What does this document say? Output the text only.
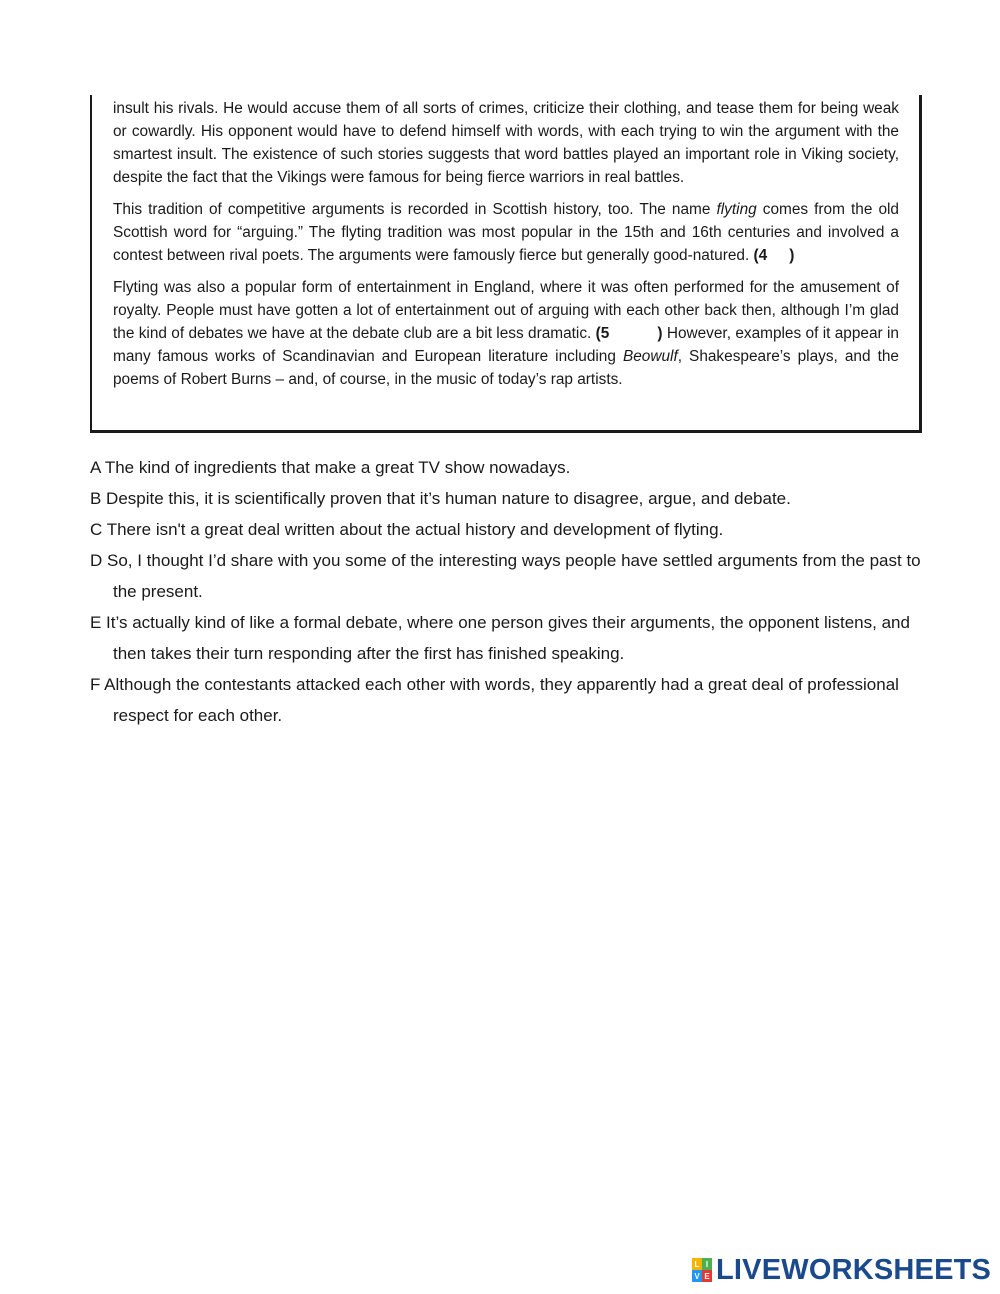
insult his rivals. He would accuse them of all sorts of crimes, criticize their clothing, and tease them for being weak or cowardly. His opponent would have to defend himself with words, with each trying to win the argument with the smartest insult. The existence of such stories suggests that word battles played an important role in Viking society, despite the fact that the Vikings were famous for being fierce warriors in real battles.

This tradition of competitive arguments is recorded in Scottish history, too. The name flyting comes from the old Scottish word for “arguing.” The flyting tradition was most popular in the 15th and 16th centuries and involved a contest between rival poets. The arguments were famously fierce but generally good-natured. (4 )

Flyting was also a popular form of entertainment in England, where it was often performed for the amusement of royalty. People must have gotten a lot of entertainment out of arguing with each other back then, although I’m glad the kind of debates we have at the debate club are a bit less dramatic. (5	) However, examples of it appear in many famous works of Scandinavian and European literature including Beowulf, Shakespeare’s plays, and the poems of Robert Burns – and, of course, in the music of today’s rap artists.

A The kind of ingredients that make a great TV show nowadays.

B Despite this, it is scientifically proven that it’s human nature to disagree, argue, and debate.

C There isn't a great deal written about the actual history and development of flyting.

D So, I thought I’d share with you some of the interesting ways people have settled arguments from the past to the present.

E It’s actually kind of like a formal debate, where one person gives their arguments, the opponent listens, and then takes their turn responding after the first has finished speaking.

F Although the contestants attacked each other with words, they apparently had a great deal of professional respect for each other.

L I
V E LIVEWORKSHEETS
